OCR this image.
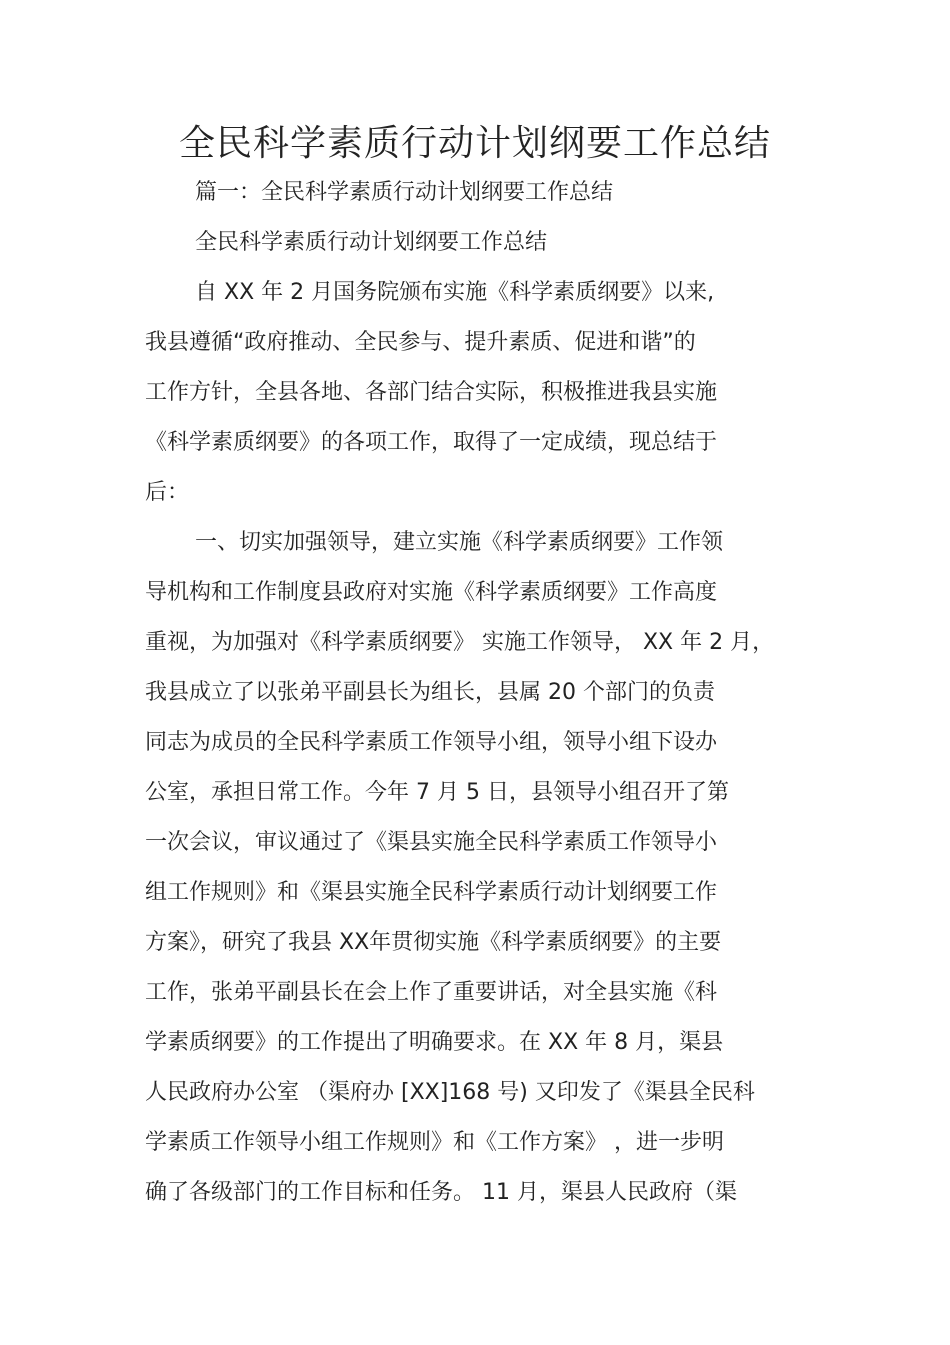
全民科学素质行动计划纲要工作总结
篇一：全民科学素质行动计划纲要工作总结
全民科学素质行动计划纲要工作总结
自 XX 年 2 月国务院颁布实施《科学素质纲要》以来,
我县遵循“政府推动、全民参与、提升素质、促进和谐”的
工作方针，全县各地、各部门结合实际，积极推进我县实施
《科学素质纲要》的各项工作，取得了一定成绩，现总结于
后：
一、切实加强领导，建立实施《科学素质纲要》工作领
导机构和工作制度县政府对实施《科学素质纲要》工作高度
重视，为加强对《科学素质纲要》 实施工作领导， XX 年 2 月，
我县成立了以张弟平副县长为组长，县属 20 个部门的负责
同志为成员的全民科学素质工作领导小组，领导小组下设办
公室，承担日常工作。今年 7 月 5 日，县领导小组召开了第
一次会议，审议通过了《渠县实施全民科学素质工作领导小
组工作规则》和《渠县实施全民科学素质行动计划纲要工作
方案》，研究了我县 XX年贯彻实施《科学素质纲要》的主要
工作，张弟平副县长在会上作了重要讲话，对全县实施《科
学素质纲要》的工作提出了明确要求。在 XX 年 8 月，渠县
人民政府办公室 （渠府办 [XX]168 号) 又印发了《渠县全民科
学素质工作领导小组工作规则》和《工作方案》 ，进一步明
确了各级部门的工作目标和任务。 11 月，渠县人民政府（渠
